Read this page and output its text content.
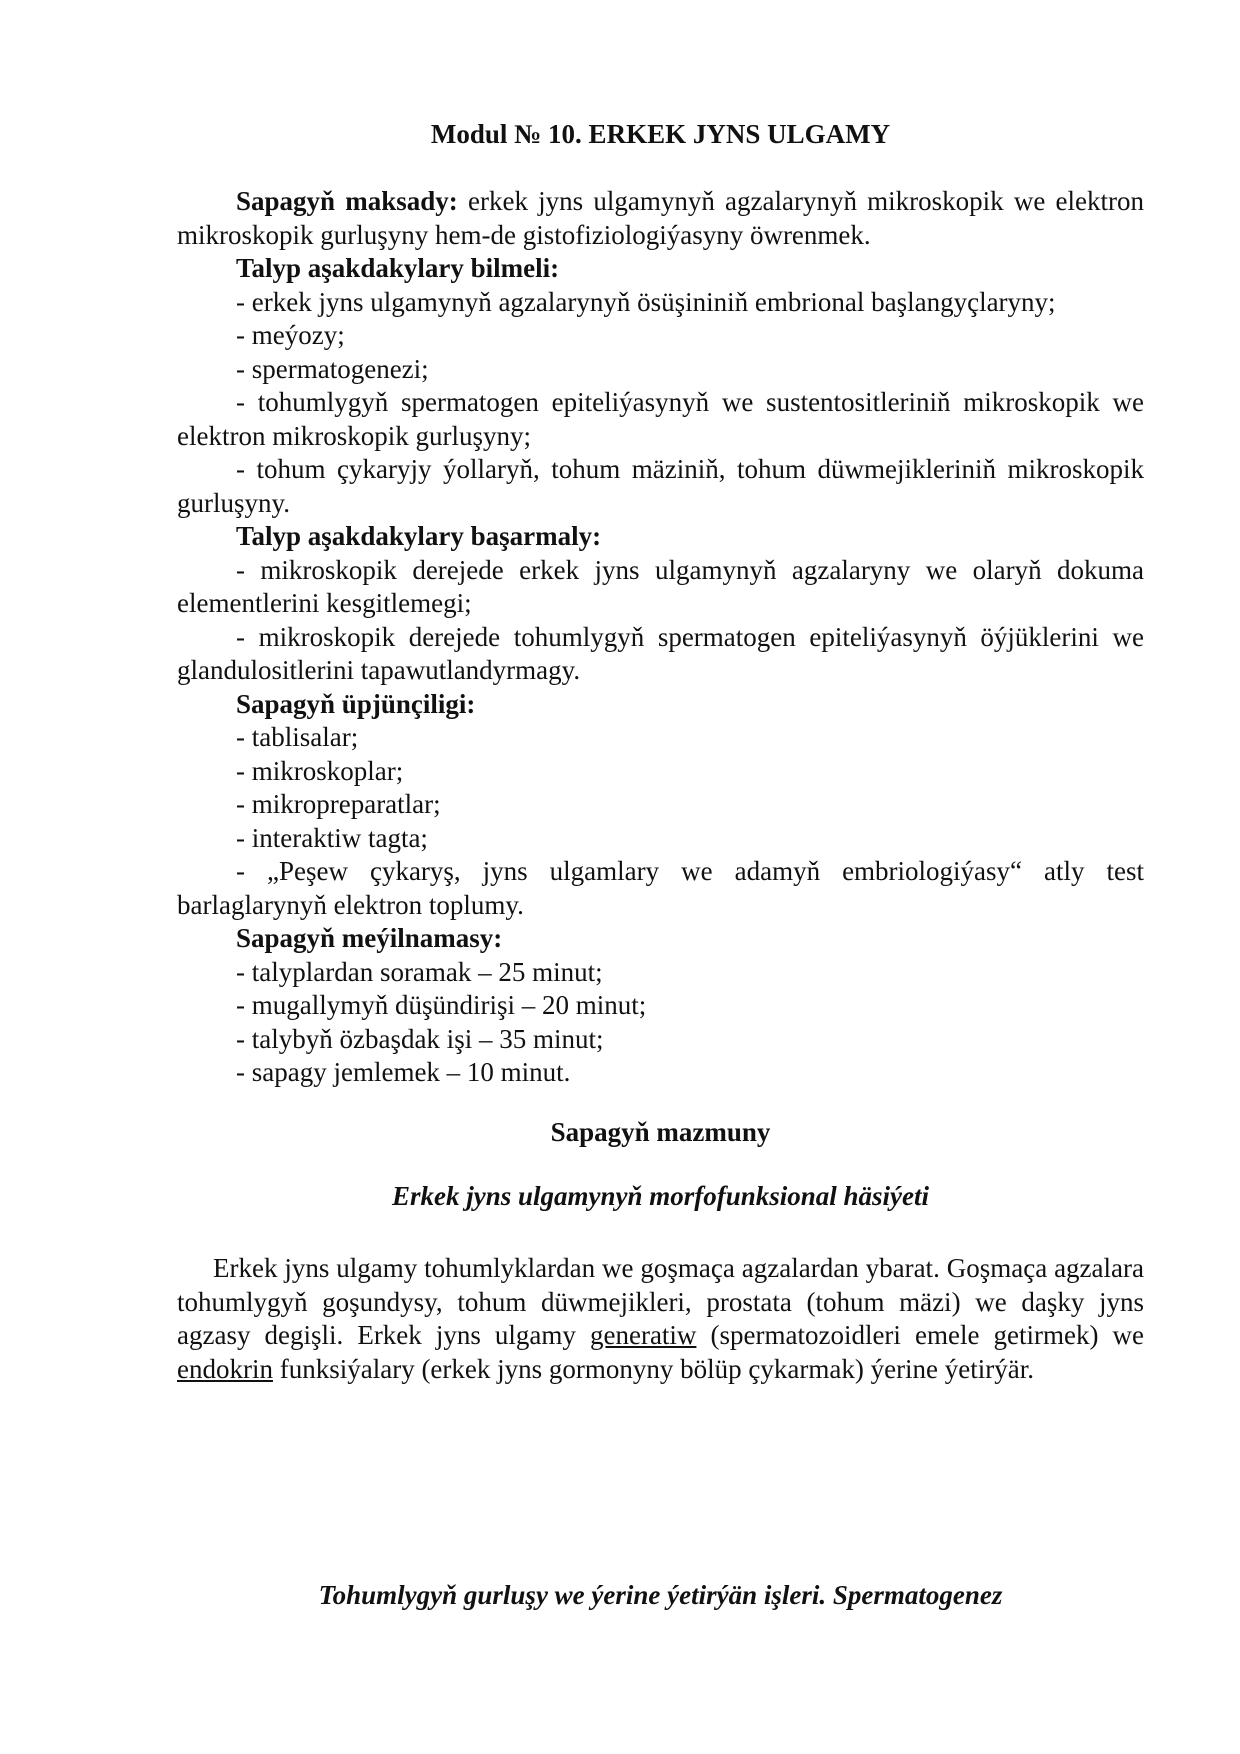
Modul № 10. ERKEK JYNS ULGAMY

Sapagyň maksady: erkek jyns ulgamynyň agzalarynyň mikroskopik we elektron mikroskopik gurluşyny hem-de gistofiziologiýasyny öwrenmek.

Talyp aşakdakylary bilmeli:

- erkek jyns ulgamynyň agzalarynyň ösüşininiň embrional başlangyçlaryny;

- meýozy;

- spermatogenezi;

- tohumlygyň spermatogen epiteliýasynyň we sustentositleriniň mikroskopik we elektron mikroskopik gurluşyny;

- tohum çykaryjy ýollaryň, tohum mäziniň, tohum düwmejikleriniň mikroskopik gurluşyny.

Talyp aşakdakylary başarmaly:

- mikroskopik derejede erkek jyns ulgamynyň agzalaryny we olaryň dokuma elementlerini kesgitlemegi;

- mikroskopik derejede tohumlygyň spermatogen epiteliýasynyň öýjüklerini we glandulositlerini tapawutlandyrmagy.

Sapagyň üpjünçiligi:

- tablisalar;

- mikroskoplar;

- mikropreparatlar;

- interaktiw tagta;

- „Peşew çykaryş, jyns ulgamlary we adamyň embriologiýasy“ atly test barlaglarynyň elektron toplumy.

Sapagyň meýilnamasy:

- talyplardan soramak – 25 minut;

- mugallymyň düşündirişi – 20 minut;

- talybyň özbaşdak işi – 35 minut;

- sapagy jemlemek – 10 minut.

Sapagyň mazmuny
Erkek jyns ulgamynyň morfofunksional häsiýeti

Erkek jyns ulgamy tohumlyklardan we goşmaça agzalardan ybarat. Goşmaça agzalara tohumlygyň goşundysy, tohum düwmejikleri, prostata (tohum mäzi) we daşky jyns agzasy degişli. Erkek jyns ulgamy generatiw (spermatozoidleri emele getirmek) we endokrin funksiýalary (erkek jyns gormonyny bölüp çykarmak) ýerine ýetirýär.

Tohumlygyň gurluşy we ýerine ýetirýän işleri. Spermatogenez
